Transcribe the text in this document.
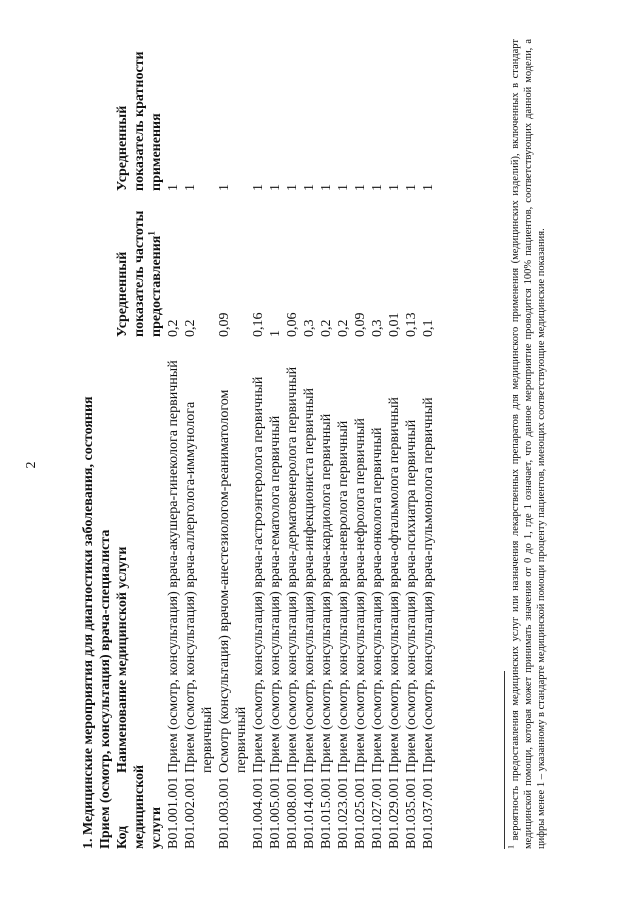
2	1. Медицинские мероприятия для диагностики заболевания, состояния Прием (осмотр, консультация) врача-специалиста Код медицинской услуги	Наименование медицинской услуги	Усредненный показатель частоты предоставления$^1$	Усредненный показатель кратности применения
B01.001.001	Прием (осмотр, консультация) врача-акушера-гинеколога первичный	0,2	1
B01.002.001	Прием (осмотр, консультация) врача-аллерголога-иммунолога первичный	0,2	1
B01.003.001	Осмотр (консультация) врачом-анестезиологом-реаниматологом первичный	0,09	1
B01.004.001	Прием (осмотр, консультация) врача-гастроэнтеролога первичный	0,16	1
B01.005.001	Прием (осмотр, консультация) врача-гематолога первичный	1	1
B01.008.001	Прием (осмотр, консультация) врача-дерматовенеролога первичный	0,06	1
B01.014.001	Прием (осмотр, консультация) врача-инфекциониста первичный	0,3	1
B01.015.001	Прием (осмотр, консультация) врача-кардиолога первичный	0,2	1
B01.023.001	Прием (осмотр, консультация) врача-невролога первичный	0,2	1
B01.025.001	Прием (осмотр, консультация) врача-нефролога первичный	0,09	1
B01.027.001	Прием (осмотр, консультация) врача-онколога первичный	0,3	1
B01.029.001	Прием (осмотр, консультация) врача-офтальмолога первичный	0,01	1
B01.035.001	Прием (осмотр, консультация) врача-психиатра первичный	0,13	1
B01.037.001	Прием (осмотр, консультация) врача-пульмонолога первичный	0,1	1
$^1$ вероятность предоставления медицинских услуг или назначения лекарственных препаратов для медицинского применения (медицинских изделий), включенных в стандарт медицинской помощи, которая может принимать значения от 0 до 1, где 1 означает, что данное мероприятие проводится 100% пациентов, соответствующих данной модели, а цифры менее 1 – указанному в стандарте медицинской помощи проценту пациентов, имеющих соответствующие медицинские показания.
